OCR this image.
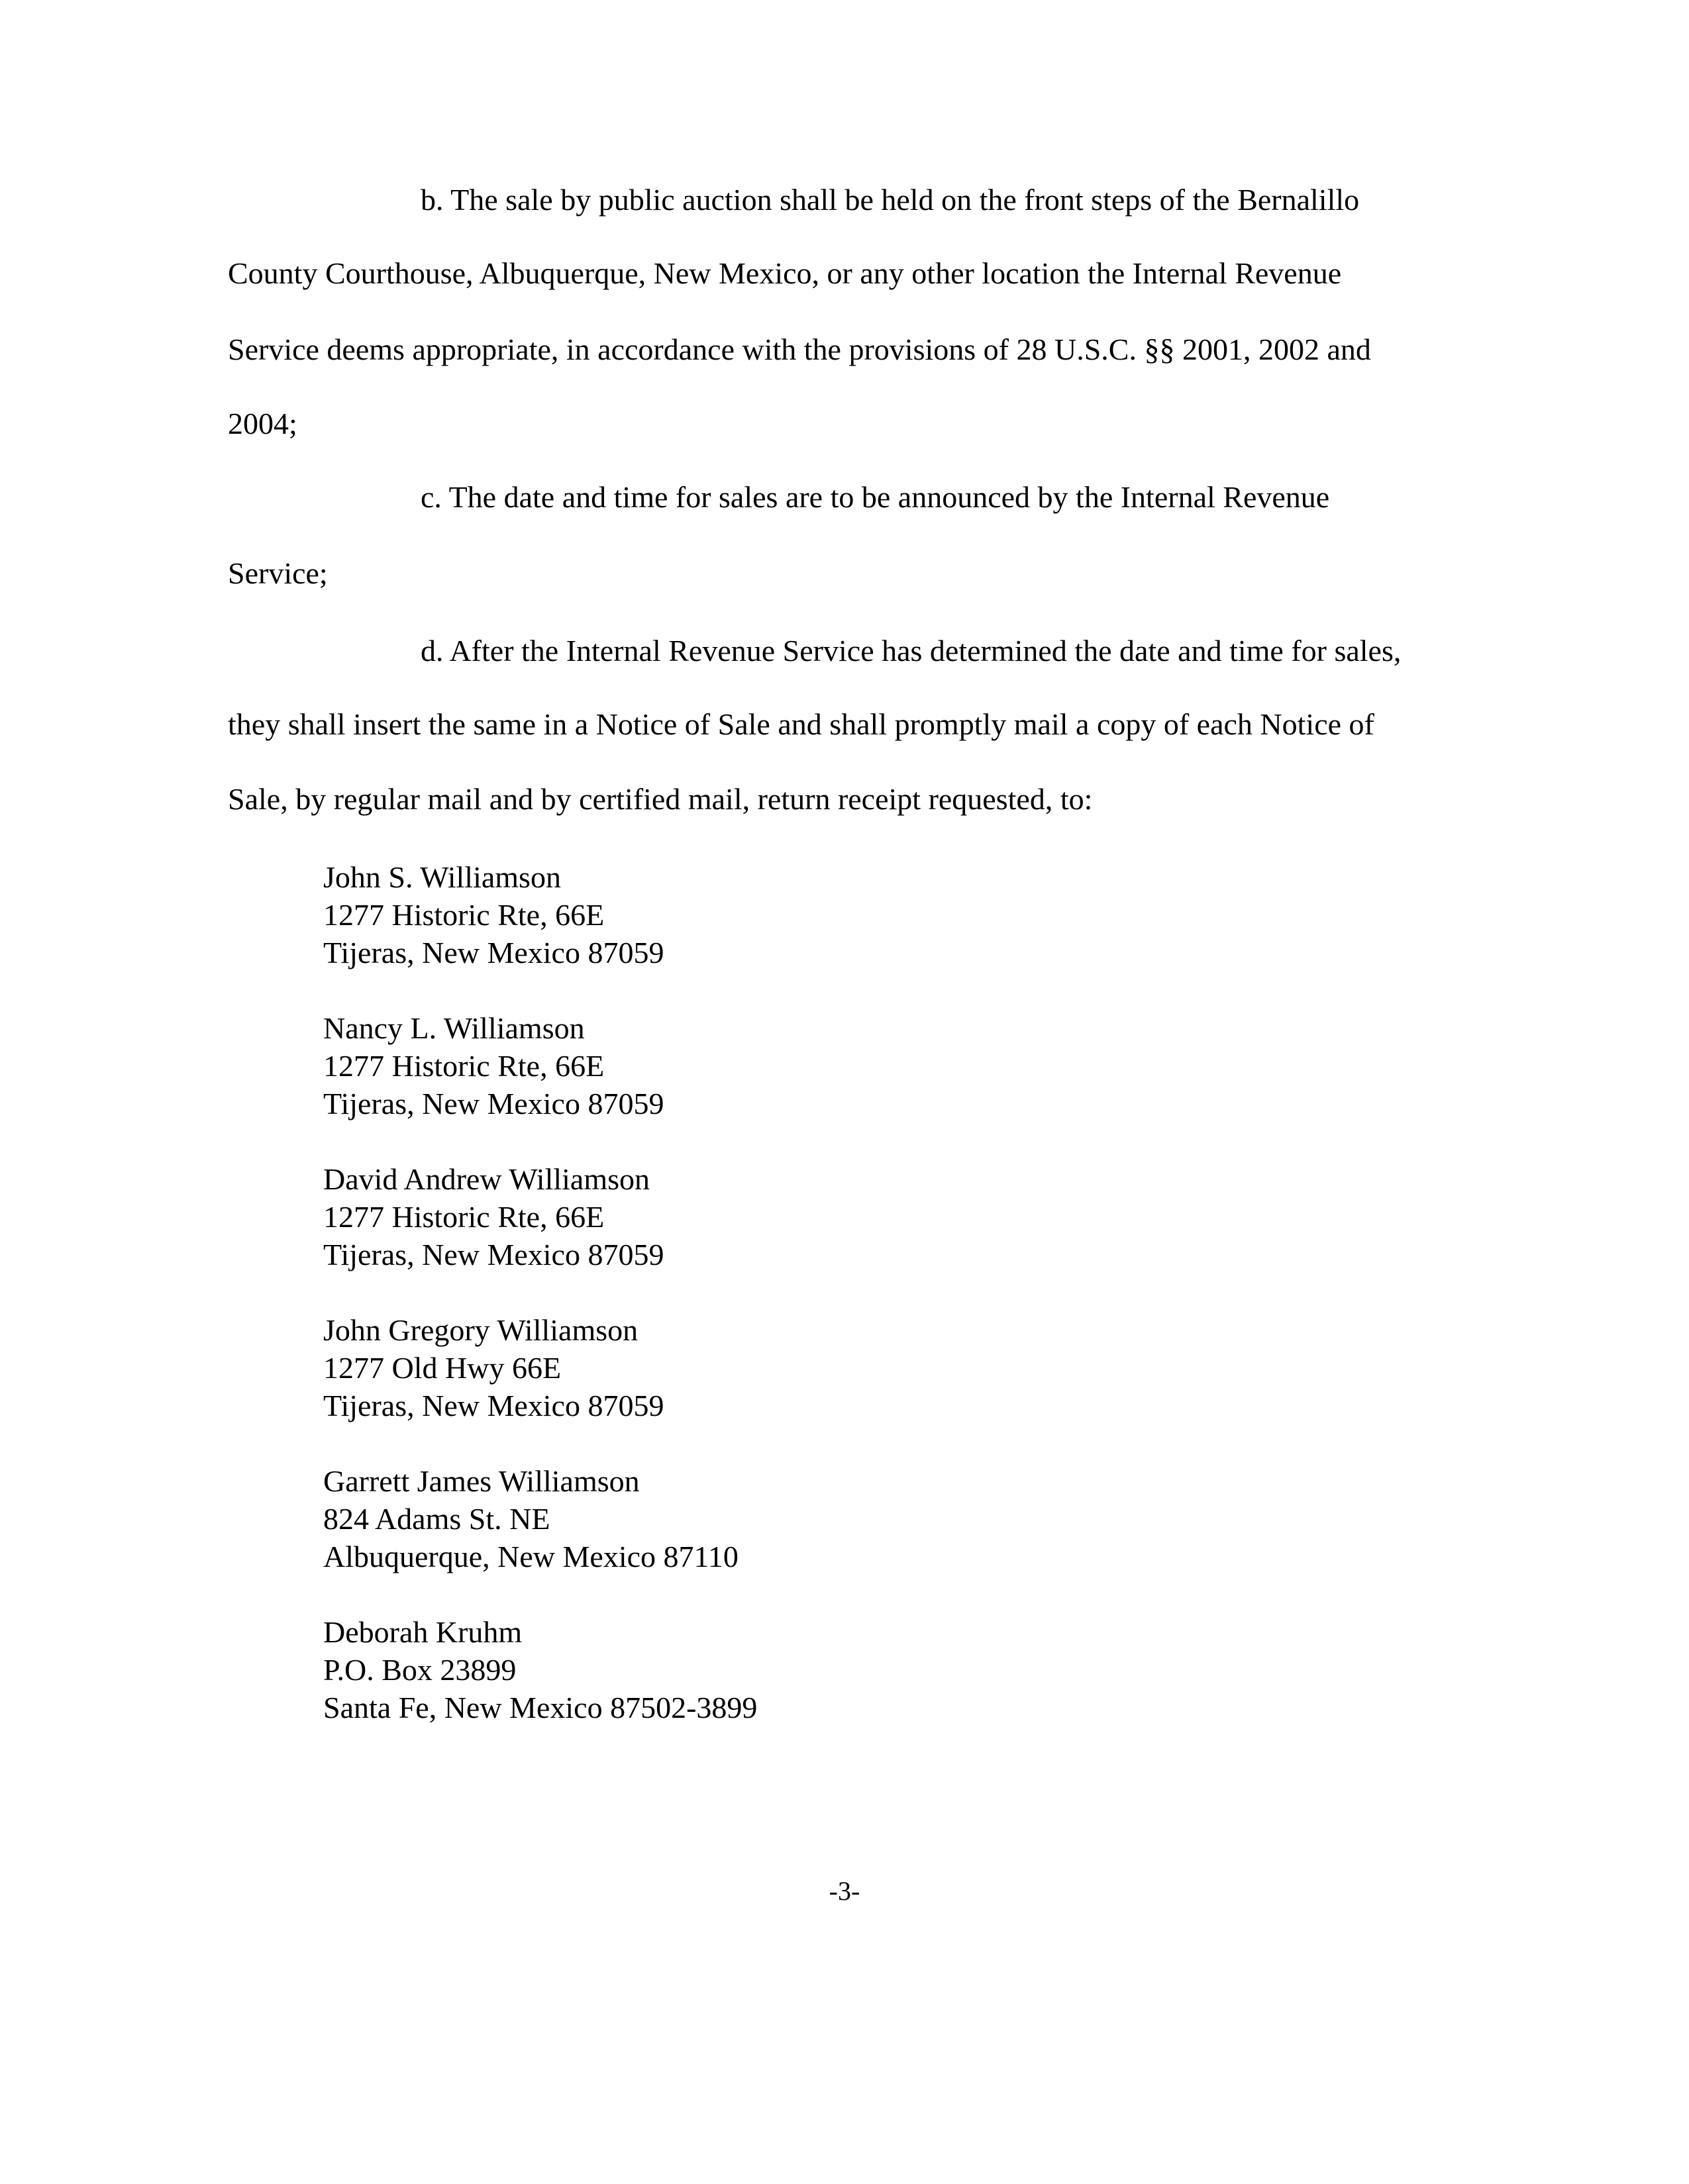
b. The sale by public auction shall be held on the front steps of the Bernalillo
County Courthouse, Albuquerque, New Mexico, or any other location the Internal Revenue
Service deems appropriate, in accordance with the provisions of 28 U.S.C. §§ 2001, 2002 and
2004;
c. The date and time for sales are to be announced by the Internal Revenue
Service;
d. After the Internal Revenue Service has determined the date and time for sales,
they shall insert the same in a Notice of Sale and shall promptly mail a copy of each Notice of
Sale, by regular mail and by certified mail, return receipt requested, to:
John S. Williamson
1277 Historic Rte, 66E
Tijeras, New Mexico 87059
Nancy L. Williamson
1277 Historic Rte, 66E
Tijeras, New Mexico 87059
David Andrew Williamson
1277 Historic Rte, 66E
Tijeras, New Mexico 87059
John Gregory Williamson
1277 Old Hwy 66E
Tijeras, New Mexico 87059
Garrett James Williamson
824 Adams St. NE
Albuquerque, New Mexico 87110
Deborah Kruhm
P.O. Box 23899
Santa Fe, New Mexico 87502-3899
-3-
